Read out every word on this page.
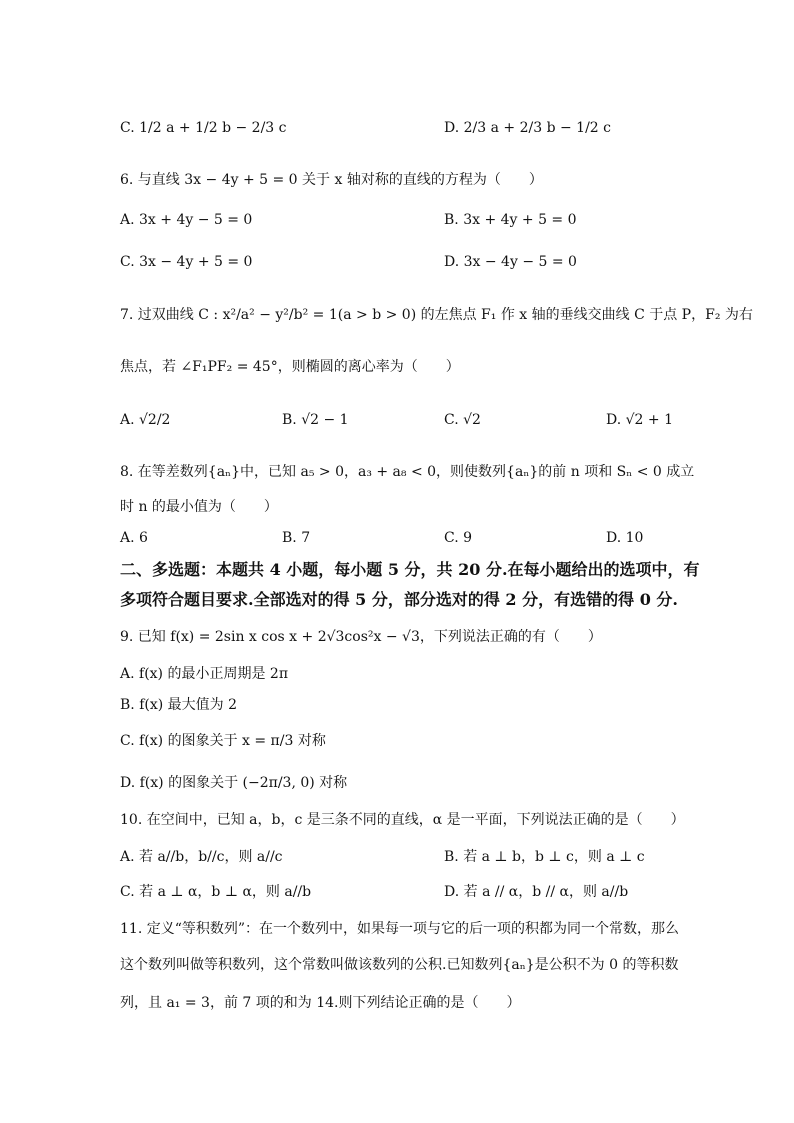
C. 1/2 a + 1/2 b − 2/3 c	D. 2/3 a + 2/3 b − 1/2 c
6. 与直线 3x − 4y + 5 = 0 关于 x 轴对称的直线的方程为（　　）
A. 3x + 4y − 5 = 0	B. 3x + 4y + 5 = 0
C. 3x − 4y + 5 = 0	D. 3x − 4y − 5 = 0
7. 过双曲线 C : x²/a² − y²/b² = 1(a > b > 0) 的左焦点 F₁ 作 x 轴的垂线交曲线 C 于点 P，F₂ 为右
焦点，若 ∠F₁PF₂ = 45°，则椭圆的离心率为（　　）
A. √2/2	B. √2 − 1	C. √2	D. √2 + 1
8. 在等差数列{aₙ}中，已知 a₅ > 0，a₃ + a₈ < 0，则使数列{aₙ}的前 n 项和 Sₙ < 0 成立
时 n 的最小值为（　　）
A. 6	B. 7	C. 9	D. 10
二、多选题：本题共 4 小题，每小题 5 分，共 20 分.在每小题给出的选项中，有
多项符合题目要求.全部选对的得 5 分，部分选对的得 2 分，有选错的得 0 分.
9. 已知 f(x) = 2sin x cos x + 2√3cos²x − √3，下列说法正确的有（　　）
A. f(x) 的最小正周期是 2π
B. f(x) 最大值为 2
C. f(x) 的图象关于 x = π/3 对称
D. f(x) 的图象关于 (−2π/3, 0) 对称
10. 在空间中，已知 a，b，c 是三条不同的直线，α 是一平面，下列说法正确的是（　　）
A. 若 a//b，b//c，则 a//c	B. 若 a ⊥ b，b ⊥ c，则 a ⊥ c
C. 若 a ⊥ α，b ⊥ α，则 a//b	D. 若 a // α，b // α，则 a//b
11. 定义“等积数列”：在一个数列中，如果每一项与它的后一项的积都为同一个常数，那么
这个数列叫做等积数列，这个常数叫做该数列的公积.已知数列{aₙ}是公积不为 0 的等积数
列，且 a₁ = 3，前 7 项的和为 14.则下列结论正确的是（　　）
